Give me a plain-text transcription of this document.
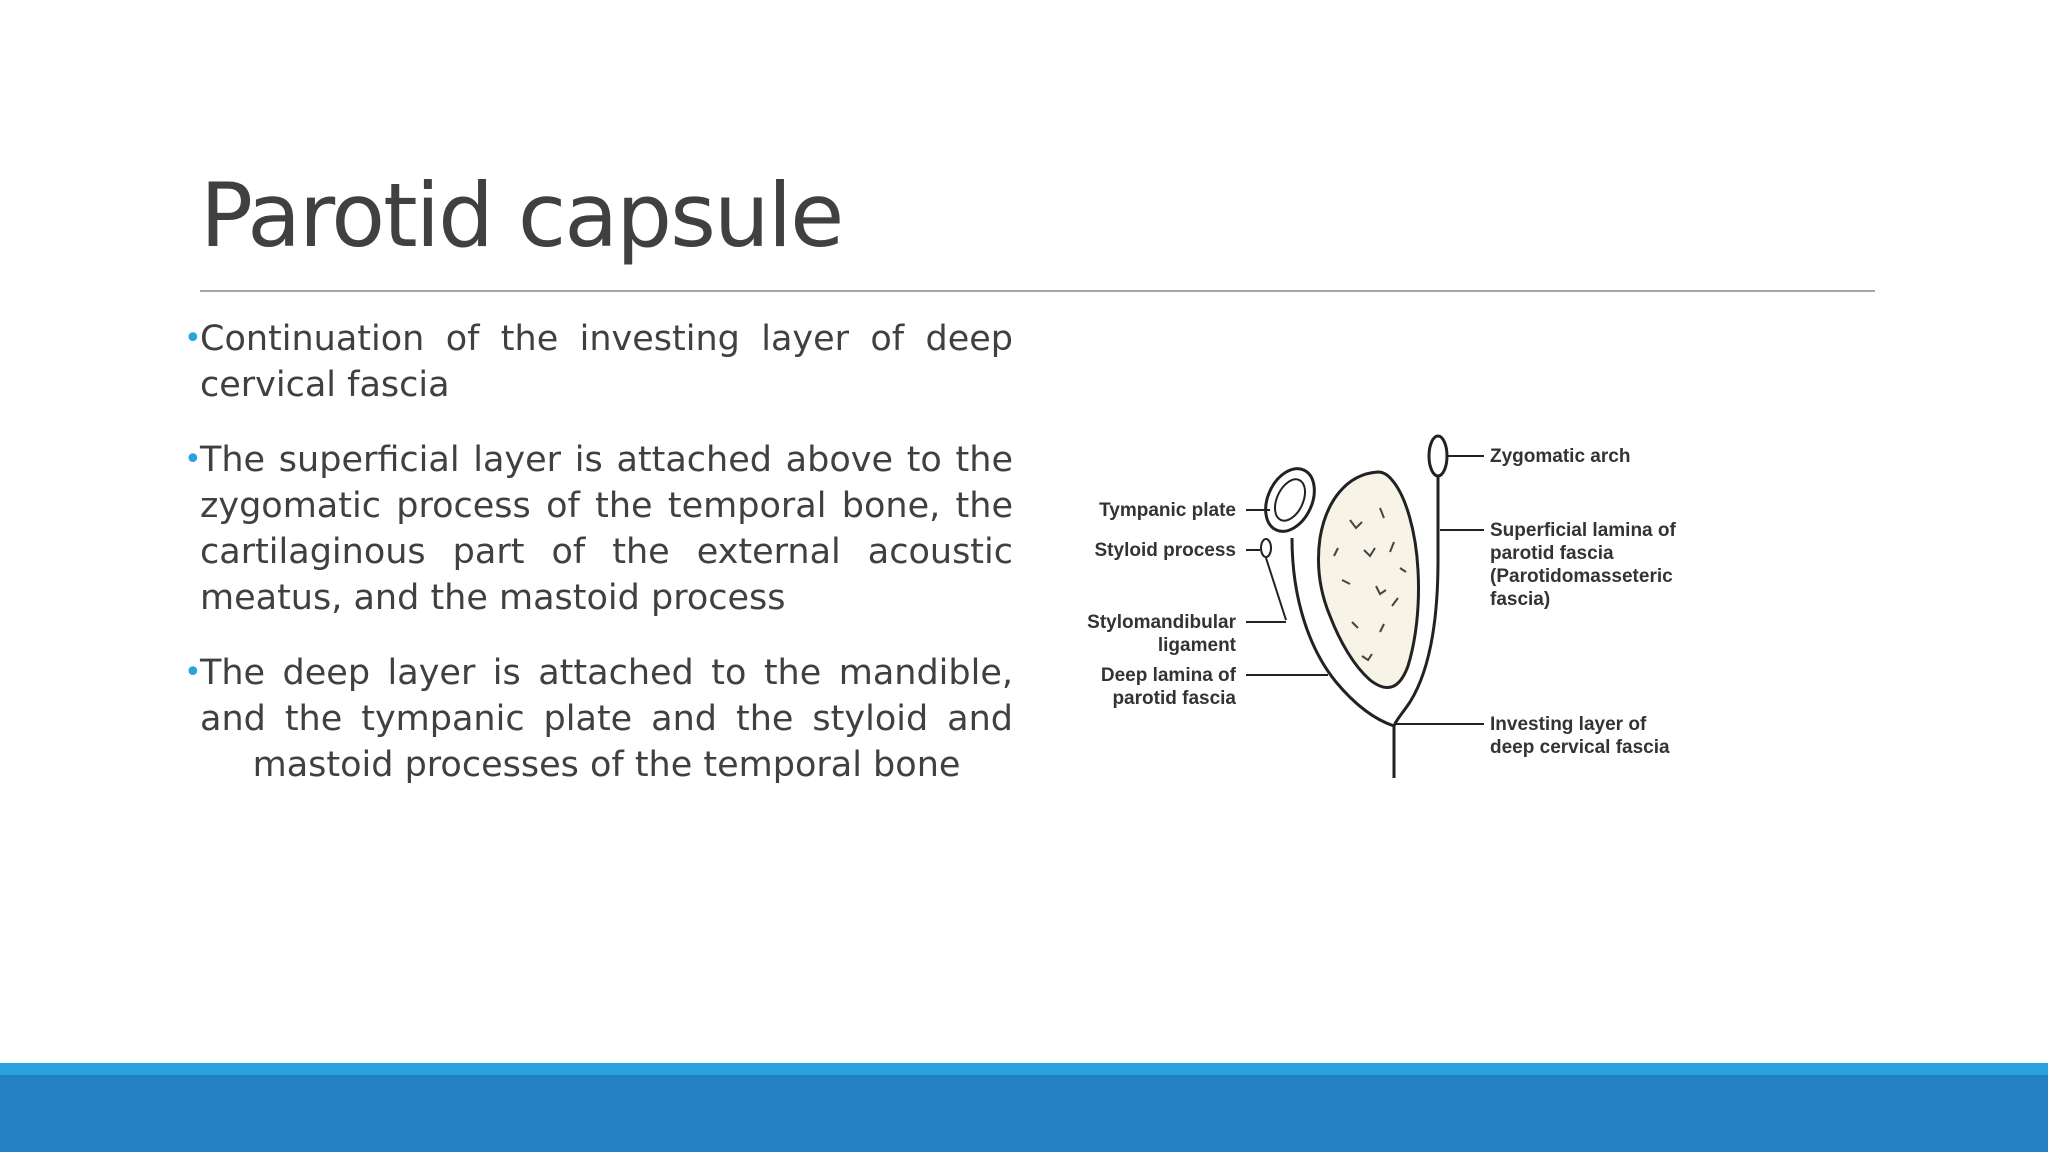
Parotid capsule
•
Continuation of the investing layer of deep cervical fascia
•
The superficial layer is attached above to the zygomatic process of the temporal bone, the cartilaginous part of the external acoustic meatus, and the mastoid process
•
The deep layer is attached to the mandible, and the tympanic plate and the styloid and mastoid processes of the temporal bone
Tympanic plate
Styloid process
Stylomandibular
ligament
Deep lamina of
parotid fascia
Zygomatic arch
Superficial lamina of
parotid fascia
(Parotidomasseteric
fascia)
Investing layer of
deep cervical fascia
